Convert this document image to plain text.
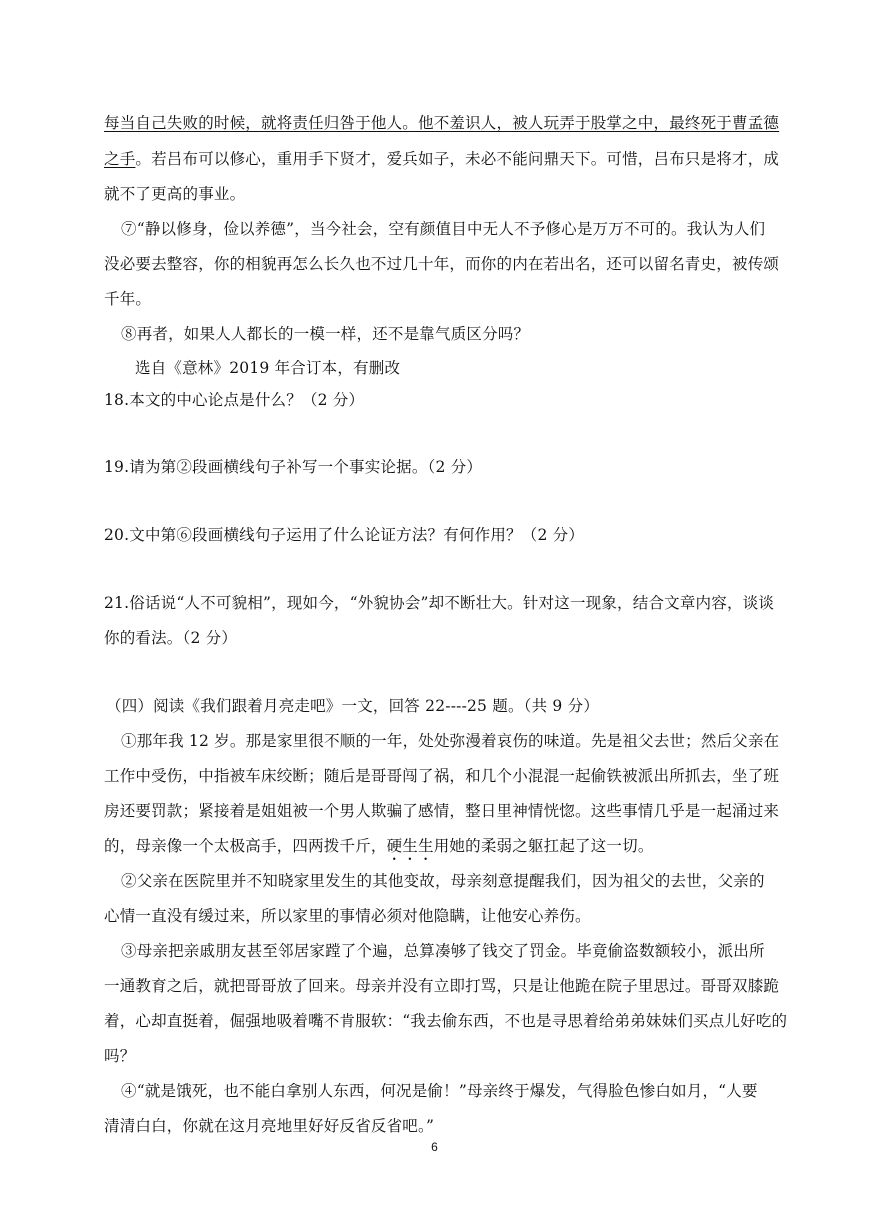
每当自己失败的时候，就将责任归咎于他人。他不羞识人，被人玩弄于股掌之中，最终死于曹孟德
之手。若吕布可以修心，重用手下贤才，爱兵如子，未必不能问鼎天下。可惜，吕布只是将才，成
就不了更高的事业。
⑦“静以修身，俭以养德”，当今社会，空有颜值目中无人不予修心是万万不可的。我认为人们
没必要去整容，你的相貌再怎么长久也不过几十年，而你的内在若出名，还可以留名青史，被传颂
千年。
⑧再者，如果人人都长的一模一样，还不是靠气质区分吗？
选自《意林》2019 年合订本，有删改
18.本文的中心论点是什么？（2 分）
19.请为第②段画横线句子补写一个事实论据。（2 分）
20.文中第⑥段画横线句子运用了什么论证方法？有何作用？（2 分）
21.俗话说“人不可貌相”，现如今，“外貌协会”却不断壮大。针对这一现象，结合文章内容，谈谈
你的看法。（2 分）
（四）阅读《我们跟着月亮走吧》一文，回答 22----25 题。（共 9 分）
①那年我 12 岁。那是家里很不顺的一年，处处弥漫着哀伤的味道。先是祖父去世；然后父亲在
工作中受伤，中指被车床绞断；随后是哥哥闯了祸，和几个小混混一起偷铁被派出所抓去，坐了班
房还要罚款；紧接着是姐姐被一个男人欺骗了感情，整日里神情恍惚。这些事情几乎是一起涌过来
的，母亲像一个太极高手，四两拨千斤，硬生生用她的柔弱之躯扛起了这一切。
②父亲在医院里并不知晓家里发生的其他变故，母亲刻意提醒我们，因为祖父的去世，父亲的
心情一直没有缓过来，所以家里的事情必须对他隐瞒，让他安心养伤。
③母亲把亲戚朋友甚至邻居家蹚了个遍，总算凑够了钱交了罚金。毕竟偷盗数额较小，派出所
一通教育之后，就把哥哥放了回来。母亲并没有立即打骂，只是让他跪在院子里思过。哥哥双膝跪
着，心却直挺着，倔强地吸着嘴不肯服软：“我去偷东西，不也是寻思着给弟弟妹妹们买点儿好吃的
吗？
④“就是饿死，也不能白拿别人东西，何况是偷！”母亲终于爆发，气得脸色惨白如月，“人要
清清白白，你就在这月亮地里好好反省反省吧。”
6
